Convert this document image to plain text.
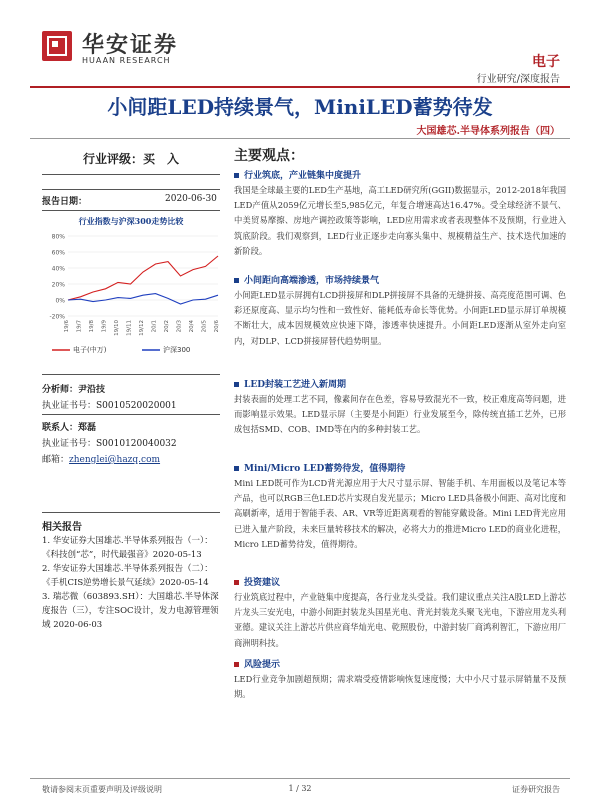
华安证券
HUAAN RESEARCH	电子
行业研究/深度报告
小间距LED持续景气，MiniLED蓄势待发
大国雄芯.半导体系列报告（四）
行业评级：买　入
报告日期：	2020-06-30
行业指数与沪深300走势比较
80%
60%
40%
20%
0%
-20%
19/6 19/7 19/8 19/9 19/10 19/11 19/12 20/1 20/2 20/3 20/4 20/5 20/6
电子(中万)	沪深300
分析师：尹沿技
执业证书号：S0010520020001
联系人：郑磊
执业证书号：S0010120040032
邮箱：zhenglei@hazq.com
相关报告
1. 华安证券大国雄芯.半导体系列报告（一）：《科技创“芯”，时代最强音》2020-05-13
2. 华安证券大国雄芯.半导体系列报告（二）：《手机CIS逆势增长景气延续》2020-05-14
3. 瑞芯微（603893.SH）：大国雄芯.半导体深度报告（三），专注SOC设计，发力电源管理领域 2020-06-03
主要观点：
行业筑底，产业链集中度提升
我国是全球最主要的LED生产基地，高工LED研究所(GGII)数据显示，2012-2018年我国LED产值从2059亿元增长至5,985亿元，年复合增速高达16.47%。受全球经济不景气、中美贸易摩擦、房地产调控政策等影响，LED应用需求或者表现整体不及预期，行业进入筑底阶段。我们观察到，LED行业正逐步走向寡头集中、规模精益生产、技术迭代加速的新阶段。
小间距向高端渗透，市场持续景气
小间距LED显示屏拥有LCD拼接屏和DLP拼接屏不具备的无缝拼接、高亮度范围可调、色彩还原度高、显示均匀性和一致性好、能耗低寿命长等优势。小间距LED显示屏订单规模不断壮大，成本因规模效应快速下降，渗透率快速提升。小间距LED逐渐从室外走向室内，对DLP、LCD拼接屏替代趋势明显。
LED封装工艺进入新周期
封装表面的处理工艺不同，像素间存在色差，容易导致混光不一致，校正难度高等问题，进而影响显示效果。LED显示屏（主要是小间距）行业发展至今，除传统直插工艺外，已形成包括SMD、COB、IMD等在内的多种封装工艺。
Mini/Micro LED蓄势待发，值得期待
Mini LED既可作为LCD背光源应用于大尺寸显示屏、智能手机、车用面板以及笔记本等产品，也可以RGB三色LED芯片实现自发光显示；Micro LED具备极小间距、高对比度和高刷新率，适用于智能手表、AR、VR等近距离观看的智能穿戴设备。Mini LED背光应用已进入量产阶段，未来巨量转移技术的解决，必将大力的推进Micro LED的商业化进程，Micro LED蓄势待发，值得期待。
投资建议
行业筑底过程中，产业链集中度提高，各行业龙头受益。我们建议重点关注A股LED上游芯片龙头三安光电，中游小间距封装龙头国星光电、背光封装龙头聚飞光电，下游应用龙头利亚德。建议关注上游芯片供应商华灿光电、乾照股份，中游封装厂商鸿利智汇，下游应用厂商洲明科技。
风险提示
LED行业竞争加剧超预期；需求端受疫情影响恢复速度慢；大中小尺寸显示屏销量不及预期。
敬请参阅末页重要声明及评级说明	1 / 32	证券研究报告
